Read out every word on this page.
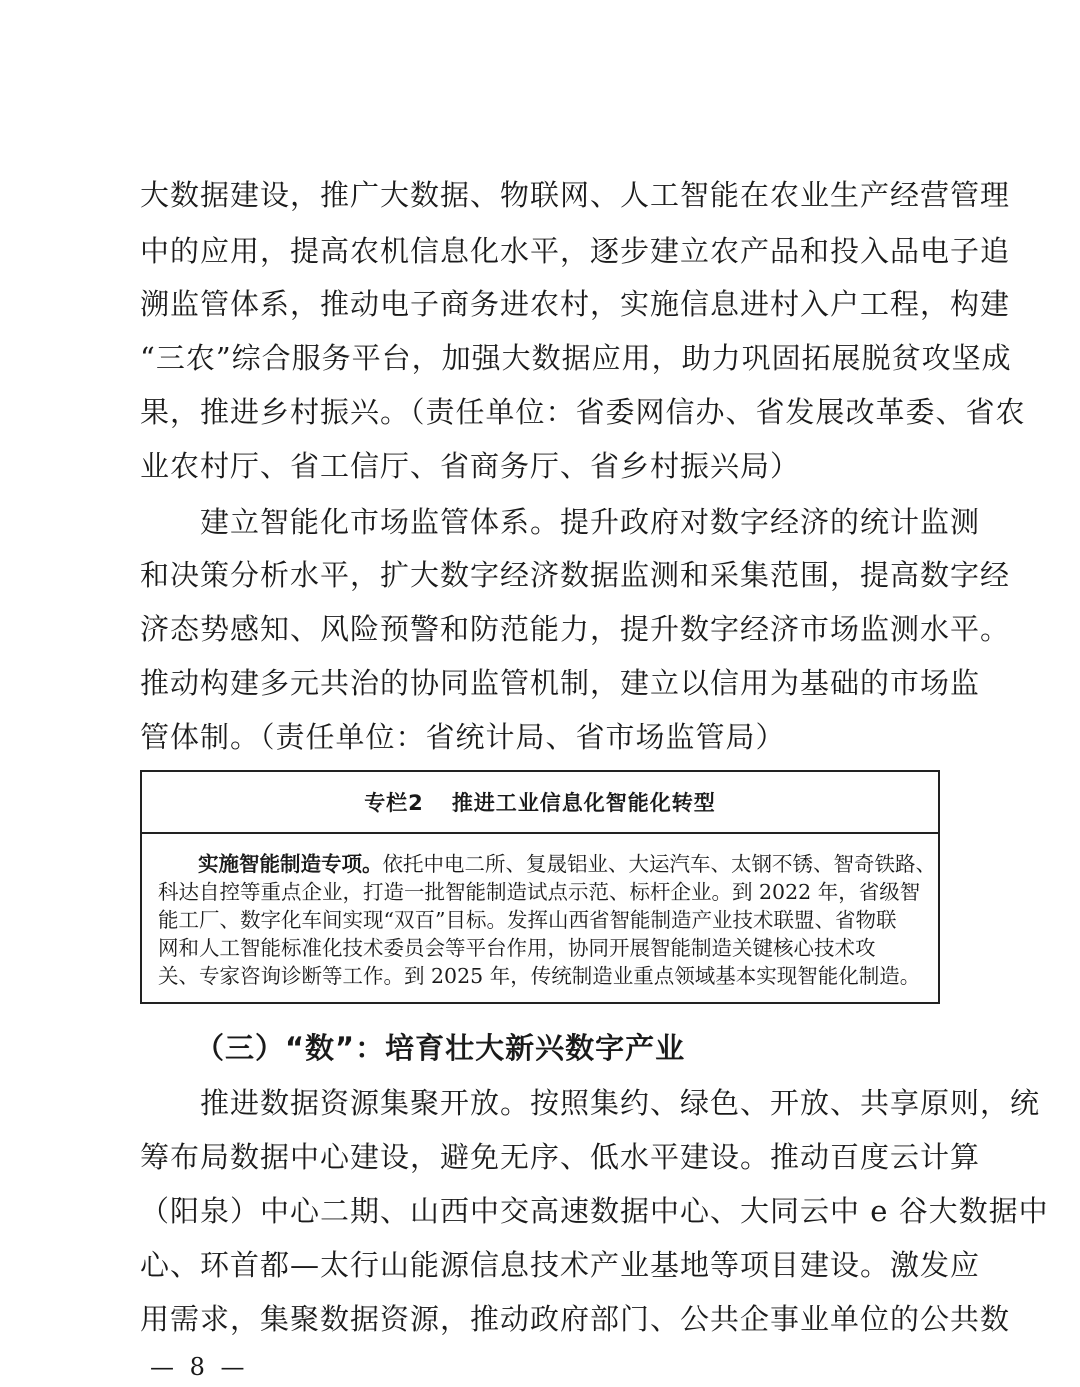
大数据建设，推广大数据、物联网、人工智能在农业生产经营管理
中的应用，提高农机信息化水平，逐步建立农产品和投入品电子追
溯监管体系，推动电子商务进农村，实施信息进村入户工程，构建
“三农”综合服务平台，加强大数据应用，助力巩固拓展脱贫攻坚成
果，推进乡村振兴。（责任单位：省委网信办、省发展改革委、省农
业农村厅、省工信厅、省商务厅、省乡村振兴局）
建立智能化市场监管体系。提升政府对数字经济的统计监测
和决策分析水平，扩大数字经济数据监测和采集范围，提高数字经
济态势感知、风险预警和防范能力，提升数字经济市场监测水平。
推动构建多元共治的协同监管机制，建立以信用为基础的市场监
管体制。（责任单位：省统计局、省市场监管局）
专栏2 推进工业信息化智能化转型
实施智能制造专项。依托中电二所、复晟铝业、大运汽车、太钢不锈、智奇铁路、
科达自控等重点企业，打造一批智能制造试点示范、标杆企业。到 2022 年，省级智
能工厂、数字化车间实现“双百”目标。发挥山西省智能制造产业技术联盟、省物联
网和人工智能标准化技术委员会等平台作用，协同开展智能制造关键核心技术攻
关、专家咨询诊断等工作。到 2025 年，传统制造业重点领域基本实现智能化制造。
（三）“数”：培育壮大新兴数字产业
推进数据资源集聚开放。按照集约、绿色、开放、共享原则，统
筹布局数据中心建设，避免无序、低水平建设。推动百度云计算
（阳泉）中心二期、山西中交高速数据中心、大同云中 e 谷大数据中
心、环首都—太行山能源信息技术产业基地等项目建设。激发应
用需求，集聚数据资源，推动政府部门、公共企事业单位的公共数
— 8 —
